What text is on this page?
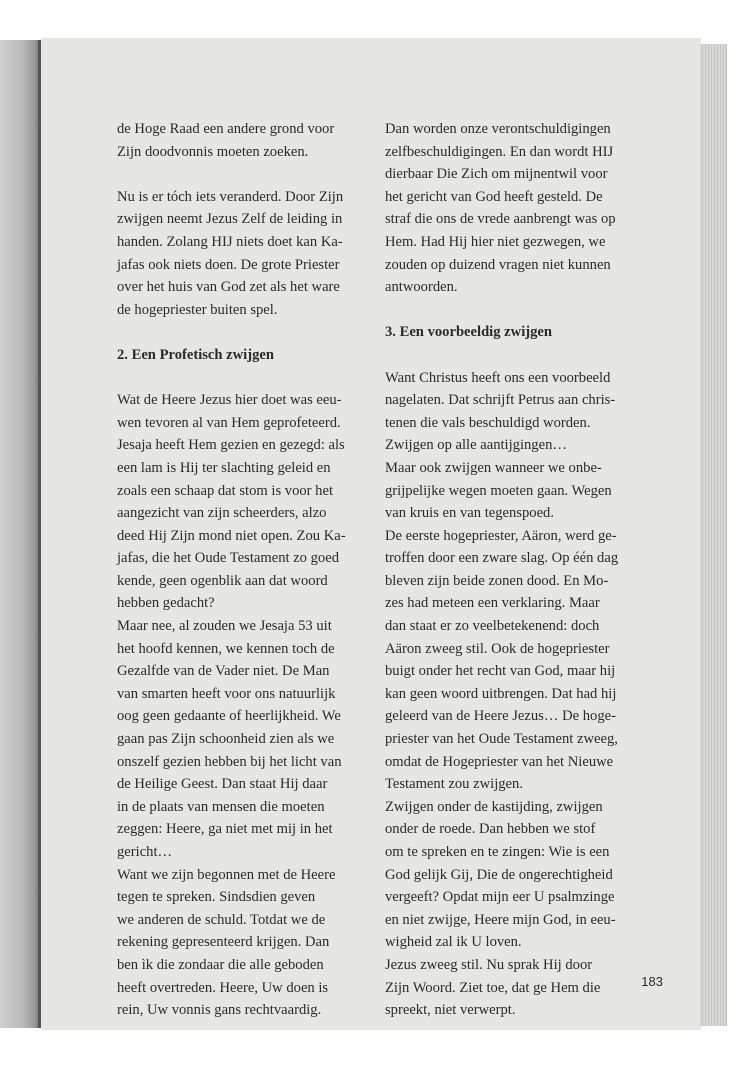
de Hoge Raad een andere grond voor
Zijn doodvonnis moeten zoeken.
Nu is er tóch iets veranderd. Door Zijn
zwijgen neemt Jezus Zelf de leiding in
handen. Zolang HIJ niets doet kan Ka-
jafas ook niets doen. De grote Priester
over het huis van God zet als het ware
de hogepriester buiten spel.
2. Een Profetisch zwijgen
Wat de Heere Jezus hier doet was eeu-
wen tevoren al van Hem geprofeteerd.
Jesaja heeft Hem gezien en gezegd: als
een lam is Hij ter slachting geleid en
zoals een schaap dat stom is voor het
aangezicht van zijn scheerders, alzo
deed Hij Zijn mond niet open. Zou Ka-
jafas, die het Oude Testament zo goed
kende, geen ogenblik aan dat woord
hebben gedacht?
Maar nee, al zouden we Jesaja 53 uit
het hoofd kennen, we kennen toch de
Gezalfde van de Vader niet. De Man
van smarten heeft voor ons natuurlijk
oog geen gedaante of heerlijkheid. We
gaan pas Zijn schoonheid zien als we
onszelf gezien hebben bij het licht van
de Heilige Geest. Dan staat Hij daar
in de plaats van mensen die moeten
zeggen: Heere, ga niet met mij in het
gericht…
Want we zijn begonnen met de Heere
tegen te spreken. Sindsdien geven
we anderen de schuld. Totdat we de
rekening gepresenteerd krijgen. Dan
ben ìk die zondaar die alle geboden
heeft overtreden. Heere, Uw doen is
rein, Uw vonnis gans rechtvaardig.
Dan worden onze verontschuldigingen
zelfbeschuldigingen. En dan wordt HIJ
dierbaar Die Zich om mijnentwil voor
het gericht van God heeft gesteld. De
straf die ons de vrede aanbrengt was op
Hem. Had Hij hier niet gezwegen, we
zouden op duizend vragen niet kunnen
antwoorden.
3. Een voorbeeldig zwijgen
Want Christus heeft ons een voorbeeld
nagelaten. Dat schrijft Petrus aan chris-
tenen die vals beschuldigd worden.
Zwijgen op alle aantijgingen…
Maar ook zwijgen wanneer we onbe-
grijpelijke wegen moeten gaan. Wegen
van kruis en van tegenspoed.
De eerste hogepriester, Aäron, werd ge-
troffen door een zware slag. Op één dag
bleven zijn beide zonen dood. En Mo-
zes had meteen een verklaring. Maar
dan staat er zo veelbetekenend: doch
Aäron zweeg stil. Ook de hogepriester
buigt onder het recht van God, maar hij
kan geen woord uitbrengen. Dat had hij
geleerd van de Heere Jezus… De hoge-
priester van het Oude Testament zweeg,
omdat de Hogepriester van het Nieuwe
Testament zou zwijgen.
Zwijgen onder de kastijding, zwijgen
onder de roede. Dan hebben we stof
om te spreken en te zingen: Wie is een
God gelijk Gij, Die de ongerechtigheid
vergeeft? Opdat mijn eer U psalmzinge
en niet zwijge, Heere mijn God, in eeu-
wigheid zal ik U loven.
Jezus zweeg stil. Nu sprak Hij door
Zijn Woord. Ziet toe, dat ge Hem die
spreekt, niet verwerpt.
183
